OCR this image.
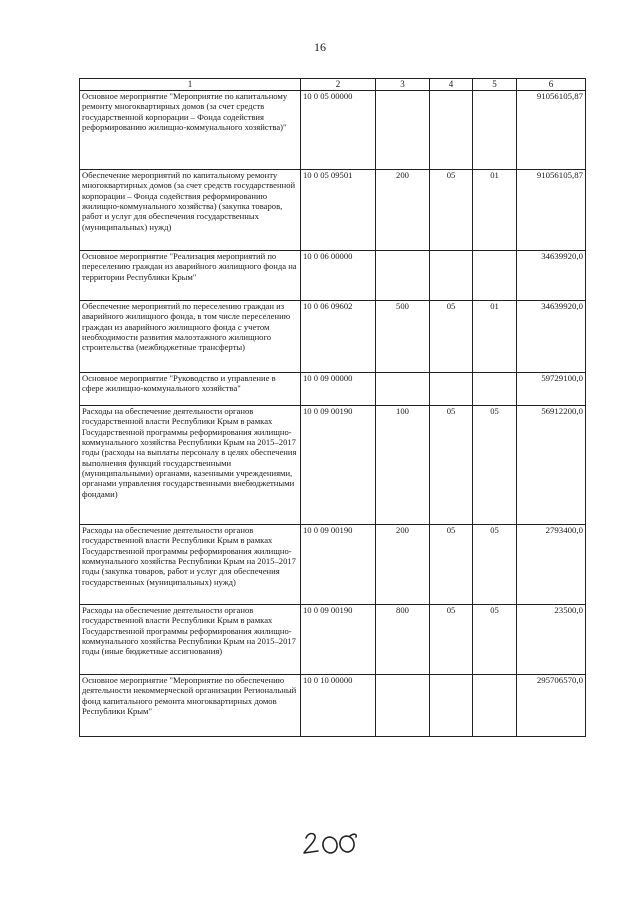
16
1	2	3	4	5	6
Основное мероприятие "Мероприятие по капитальному ремонту многоквартирных домов (за счет средств государственной корпорации – Фонда содействия реформированию жилищно-коммунального хозяйства)"	10 0 05 00000				91056105,87
Обеспечение мероприятий по капитальному ремонту многоквартирных домов (за счет средств государственной корпорации – Фонда содействия реформированию жилищно-коммунального хозяйства) (закупка товаров, работ и услуг для обеспечения государственных (муниципальных) нужд)	10 0 05 09501	200	05	01	91056105,87
Основное мероприятие "Реализация мероприятий по переселению граждан из аварийного жилищного фонда на территории Республики Крым"	10 0 06 00000				34639920,0
Обеспечение мероприятий по переселению граждан из аварийного жилищного фонда, в том числе переселению граждан из аварийного жилищного фонда с учетом необходимости развития малоэтажного жилищного строительства (межбюджетные трансферты)	10 0 06 09602	500	05	01	34639920,0
Основное мероприятие "Руководство и управление в сфере жилищно-коммунального хозяйства"	10 0 09 00000				59729100,0
Расходы на обеспечение деятельности органов государственной власти Республики Крым в рамках Государственной программы реформирования жилищно-коммунального хозяйства Республики Крым на 2015–2017 годы (расходы на выплаты персоналу в целях обеспечения выполнения функций государственными (муниципальными) органами, казенными учреждениями, органами управления государственными внебюджетными фондами)	10 0 09 00190	100	05	05	56912200,0
Расходы на обеспечение деятельности органов государственной власти Республики Крым в рамках Государственной программы реформирования жилищно-коммунального хозяйства Республики Крым на 2015–2017 годы (закупка товаров, работ и услуг для обеспечения государственных (муниципальных) нужд)	10 0 09 00190	200	05	05	2793400,0
Расходы на обеспечение деятельности органов государственной власти Республики Крым в рамках Государственной программы реформирования жилищно-коммунального хозяйства Республики Крым на 2015–2017 годы (иные бюджетные ассигнования)	10 0 09 00190	800	05	05	23500,0
Основное мероприятие "Мероприятие по обеспечению деятельности некоммерческой организации Региональный фонд капитального ремонта многоквартирных домов Республики Крым"	10 0 10 00000				295706570,0
